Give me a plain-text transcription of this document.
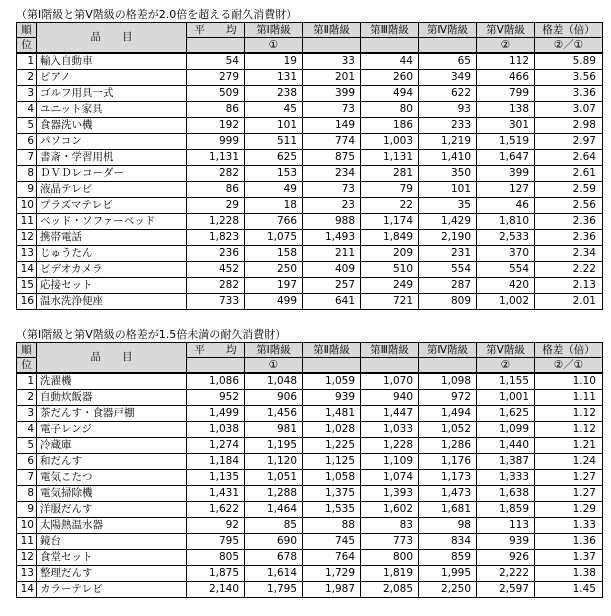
（第Ⅰ階級と第Ⅴ階級の格差が2.0倍を超える耐久消費財）
順	品　　目	平　　均	第Ⅰ階級	第Ⅱ階級	第Ⅲ階級	第Ⅳ階級	第Ⅴ階級	格差（倍）
位			①				②	②／①
1	輸入自動車	54	19	33	44	65	112	5.89
2	ピアノ	279	131	201	260	349	466	3.56
3	ゴルフ用具一式	509	238	399	494	622	799	3.36
4	ユニット家具	86	45	73	80	93	138	3.07
5	食器洗い機	192	101	149	186	233	301	2.98
6	パソコン	999	511	774	1,003	1,219	1,519	2.97
7	書斎・学習用机	1,131	625	875	1,131	1,410	1,647	2.64
8	ＤＶＤレコーダー	282	153	234	281	350	399	2.61
9	液晶テレビ	86	49	73	79	101	127	2.59
10	プラズマテレビ	29	18	23	22	35	46	2.56
11	ベッド・ソファーベッド	1,228	766	988	1,174	1,429	1,810	2.36
12	携帯電話	1,823	1,075	1,493	1,849	2,190	2,533	2.36
13	じゅうたん	236	158	211	209	231	370	2.34
14	ビデオカメラ	452	250	409	510	554	554	2.22
15	応接セット	282	197	257	249	287	420	2.13
16	温水洗浄便座	733	499	641	721	809	1,002	2.01
（第Ⅰ階級と第Ⅴ階級の格差が1.5倍未満の耐久消費財）
順	品　　目	平　　均	第Ⅰ階級	第Ⅱ階級	第Ⅲ階級	第Ⅳ階級	第Ⅴ階級	格差（倍）
位			①				②	②／①
1	洗濯機	1,086	1,048	1,059	1,070	1,098	1,155	1.10
2	自動炊飯器	952	906	939	940	972	1,001	1.11
3	茶だんす・食器戸棚	1,499	1,456	1,481	1,447	1,494	1,625	1.12
4	電子レンジ	1,038	981	1,028	1,033	1,052	1,099	1.12
5	冷蔵庫	1,274	1,195	1,225	1,228	1,286	1,440	1.21
6	和だんす	1,184	1,120	1,125	1,109	1,176	1,387	1.24
7	電気こたつ	1,135	1,051	1,058	1,074	1,173	1,333	1.27
8	電気掃除機	1,431	1,288	1,375	1,393	1,473	1,638	1.27
9	洋服だんす	1,622	1,464	1,535	1,602	1,681	1,859	1.29
10	太陽熱温水器	92	85	88	83	98	113	1.33
11	鏡台	795	690	745	773	834	939	1.36
12	食堂セット	805	678	764	800	859	926	1.37
13	整理だんす	1,875	1,614	1,729	1,819	1,995	2,222	1.38
14	カラーテレビ	2,140	1,795	1,987	2,085	2,250	2,597	1.45
